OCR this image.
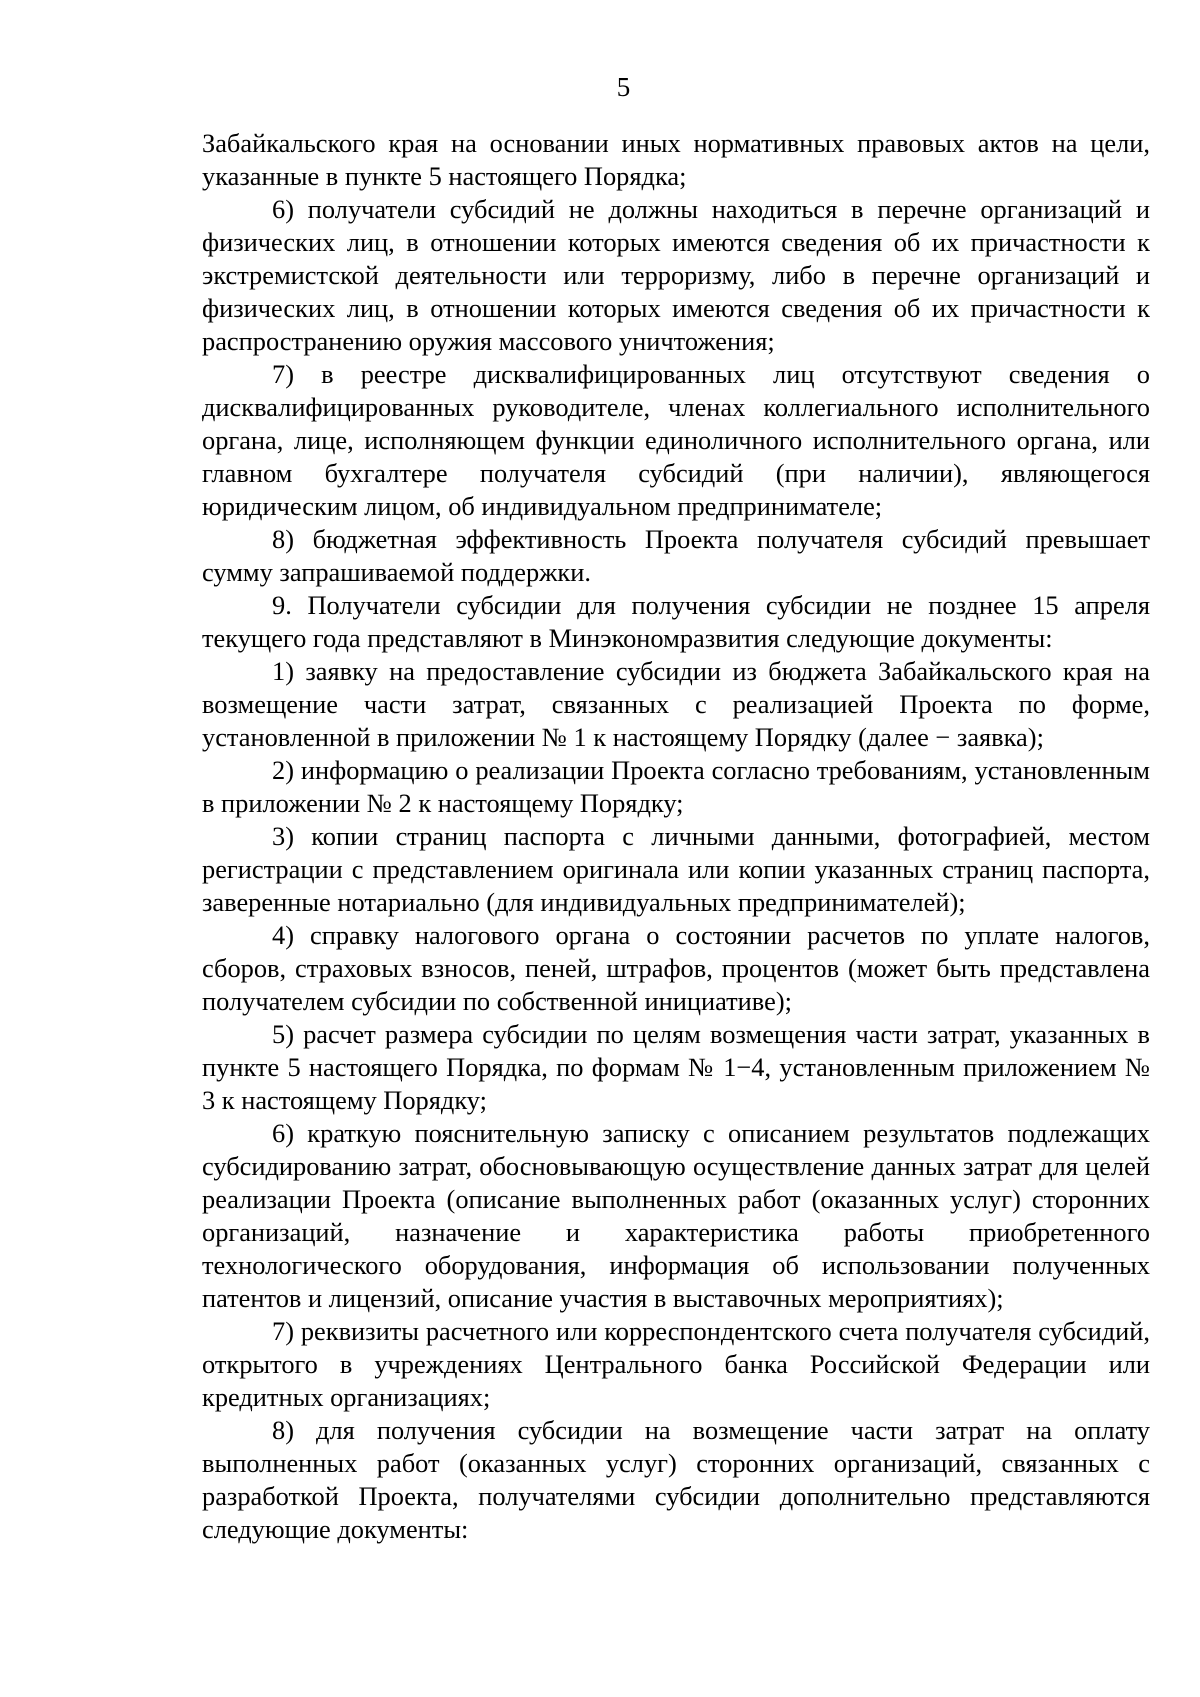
5

Забайкальского края на основании иных нормативных правовых актов на цели, указанные в пункте 5 настоящего Порядка;

6) получатели субсидий не должны находиться в перечне организаций и физических лиц, в отношении которых имеются сведения об их причастности к экстремистской деятельности или терроризму, либо в перечне организаций и физических лиц, в отношении которых имеются сведения об их причастности к распространению оружия массового уничтожения;

7) в реестре дисквалифицированных лиц отсутствуют сведения о дисквалифицированных руководителе, членах коллегиального исполнительного органа, лице, исполняющем функции единоличного исполнительного органа, или главном бухгалтере получателя субсидий (при наличии), являющегося юридическим лицом, об индивидуальном предпринимателе;

8) бюджетная эффективность Проекта получателя субсидий превышает сумму запрашиваемой поддержки.

9. Получатели субсидии для получения субсидии не позднее 15 апреля текущего года представляют в Минэкономразвития следующие документы:

1) заявку на предоставление субсидии из бюджета Забайкальского края на возмещение части затрат, связанных с реализацией Проекта по форме, установленной в приложении № 1 к настоящему Порядку (далее − заявка);

2) информацию о реализации Проекта согласно требованиям, установленным в приложении № 2 к настоящему Порядку;

3) копии страниц паспорта с личными данными, фотографией, местом регистрации с представлением оригинала или копии указанных страниц паспорта, заверенные нотариально (для индивидуальных предпринимателей);

4) справку налогового органа о состоянии расчетов по уплате налогов, сборов, страховых взносов, пеней, штрафов, процентов (может быть представлена получателем субсидии по собственной инициативе);

5) расчет размера субсидии по целям возмещения части затрат, указанных в пункте 5 настоящего Порядка, по формам № 1−4, установленным приложением № 3 к настоящему Порядку;

6) краткую пояснительную записку с описанием результатов подлежащих субсидированию затрат, обосновывающую осуществление данных затрат для целей реализации Проекта (описание выполненных работ (оказанных услуг) сторонних организаций, назначение и характеристика работы приобретенного технологического оборудования, информация об использовании полученных патентов и лицензий, описание участия в выставочных мероприятиях);

7) реквизиты расчетного или корреспондентского счета получателя субсидий, открытого в учреждениях Центрального банка Российской Федерации или кредитных организациях;

8) для получения субсидии на возмещение части затрат на оплату выполненных работ (оказанных услуг) сторонних организаций, связанных с разработкой Проекта, получателями субсидии дополнительно представляются следующие документы:
